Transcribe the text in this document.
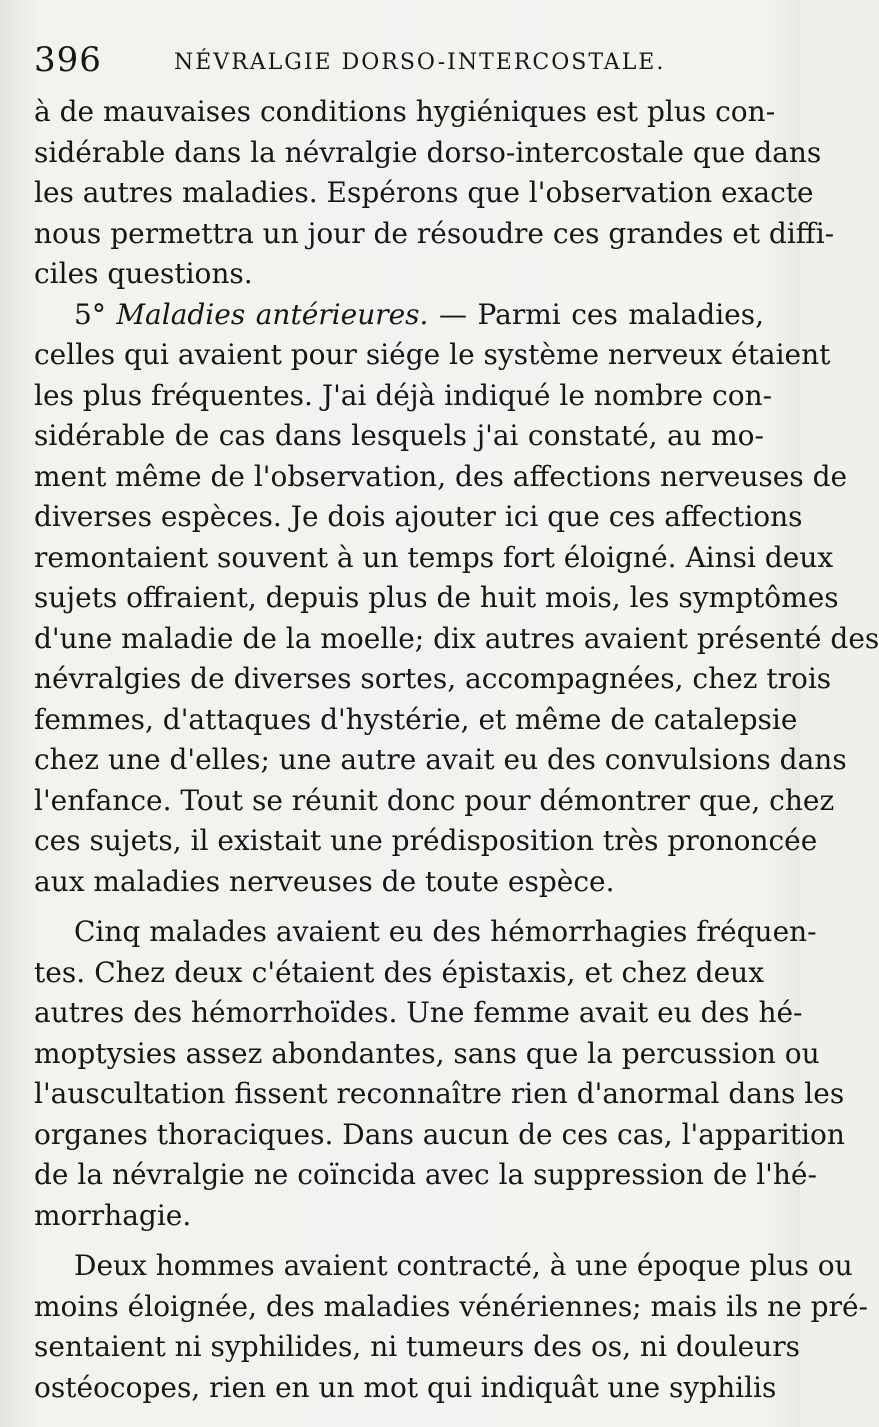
396	NÉVRALGIE DORSO-INTERCOSTALE.
à de mauvaises conditions hygiéniques est plus con-
sidérable dans la névralgie dorso-intercostale que dans
les autres maladies. Espérons que l'observation exacte
nous permettra un jour de résoudre ces grandes et diffi-
ciles questions.
5° Maladies antérieures. — Parmi ces maladies,
celles qui avaient pour siége le système nerveux étaient
les plus fréquentes. J'ai déjà indiqué le nombre con-
sidérable de cas dans lesquels j'ai constaté, au mo-
ment même de l'observation, des affections nerveuses de
diverses espèces. Je dois ajouter ici que ces affections
remontaient souvent à un temps fort éloigné. Ainsi deux
sujets offraient, depuis plus de huit mois, les symptômes
d'une maladie de la moelle; dix autres avaient présenté des
névralgies de diverses sortes, accompagnées, chez trois
femmes, d'attaques d'hystérie, et même de catalepsie
chez une d'elles; une autre avait eu des convulsions dans
l'enfance. Tout se réunit donc pour démontrer que, chez
ces sujets, il existait une prédisposition très prononcée
aux maladies nerveuses de toute espèce.
Cinq malades avaient eu des hémorrhagies fréquen-
tes. Chez deux c'étaient des épistaxis, et chez deux
autres des hémorrhoïdes. Une femme avait eu des hé-
moptysies assez abondantes, sans que la percussion ou
l'auscultation fissent reconnaître rien d'anormal dans les
organes thoraciques. Dans aucun de ces cas, l'apparition
de la névralgie ne coïncida avec la suppression de l'hé-
morrhagie.
Deux hommes avaient contracté, à une époque plus ou
moins éloignée, des maladies vénériennes; mais ils ne pré-
sentaient ni syphilides, ni tumeurs des os, ni douleurs
ostéocopes, rien en un mot qui indiquât une syphilis
